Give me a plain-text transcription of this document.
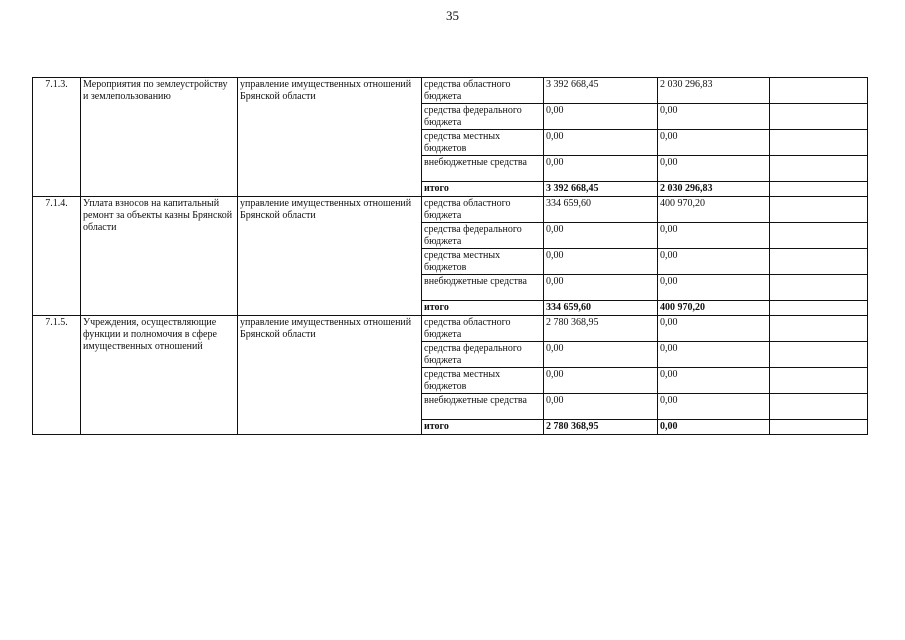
35
7.1.3.	Мероприятия по землеустройству и землепользованию	управление имущественных отношений Брянской области	средства областного бюджета	3 392 668,45	2 030 296,83	
			средства федерального бюджета	0,00	0,00	
			средства местных бюджетов	0,00	0,00	
			внебюджетные средства	0,00	0,00	
			итого	3 392 668,45	2 030 296,83	
7.1.4.	Уплата взносов на капитальный ремонт за объекты казны Брянской области	управление имущественных отношений Брянской области	средства областного бюджета	334 659,60	400 970,20	
			средства федерального бюджета	0,00	0,00	
			средства местных бюджетов	0,00	0,00	
			внебюджетные средства	0,00	0,00	
			итого	334 659,60	400 970,20	
7.1.5.	Учреждения, осуществляющие функции и полномочия в сфере имущественных отношений	управление имущественных отношений Брянской области	средства областного бюджета	2 780 368,95	0,00	
			средства федерального бюджета	0,00	0,00	
			средства местных бюджетов	0,00	0,00	
			внебюджетные средства	0,00	0,00	
			итого	2 780 368,95	0,00	
